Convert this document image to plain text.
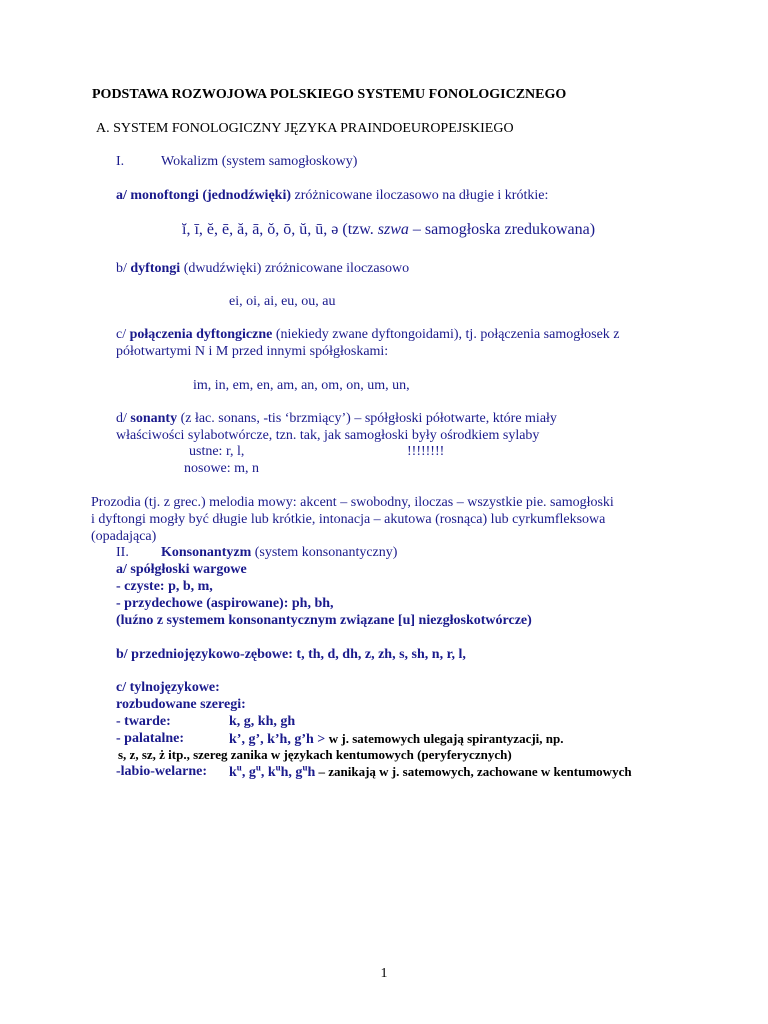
PODSTAWA ROZWOJOWA POLSKIEGO SYSTEMU FONOLOGICZNEGO
A. SYSTEM FONOLOGICZNY JĘZYKA PRAINDOEUROPEJSKIEGO
I.	Wokalizm (system samogłoskowy)
a/ monoftongi (jednodźwięki) zróżnicowane iloczasowo na długie i krótkie:
ĭ, ī, ĕ, ē, ă, ā, ŏ, ō, ŭ, ū, ə (tzw. szwa – samogłoska zredukowana)
b/ dyftongi (dwudźwięki) zróżnicowane iloczasowo
ei, oi, ai, eu, ou, au
c/ połączenia dyftongiczne (niekiedy zwane dyftongoidami), tj. połączenia samogłosek z
półotwartymi N i M przed innymi spółgłoskami:
im, in, em, en, am, an, om, on, um, un,
d/ sonanty (z łac. sonans, -tis ‘brzmiący’) – spółgłoski półotwarte, które miały
właściwości sylabotwórcze, tzn. tak, jak samogłoski były ośrodkiem sylaby
ustne: r, l,	!!!!!!!!
nosowe: m, n
Prozodia (tj. z grec.) melodia mowy: akcent – swobodny, iloczas – wszystkie pie. samogłoski
i dyftongi mogły być długie lub krótkie, intonacja – akutowa (rosnąca) lub cyrkumfleksowa
(opadająca)
II. Konsonantyzm (system konsonantyczny)
a/ spółgłoski wargowe
- czyste: p, b, m,
- przydechowe (aspirowane): ph, bh,
(luźno z systemem konsonantycznym związane [u] niezgłoskotwórcze)
b/ przedniojęzykowo-zębowe: t, th, d, dh, z, zh, s, sh, n, r, l,
c/ tylnojęzykowe:
rozbudowane szeregi:
- twarde:	k, g, kh, gh
- palatalne:	k’, g’, k’h, g’h > w j. satemowych ulegają spirantyzacji, np.
s, z, sz, ż itp., szereg zanika w językach kentumowych (peryferycznych)
-labio-welarne: $k^u$, $g^u$, $k^uh$, $g^uh$ – zanikają w j. satemowych, zachowane w kentumowych
1
